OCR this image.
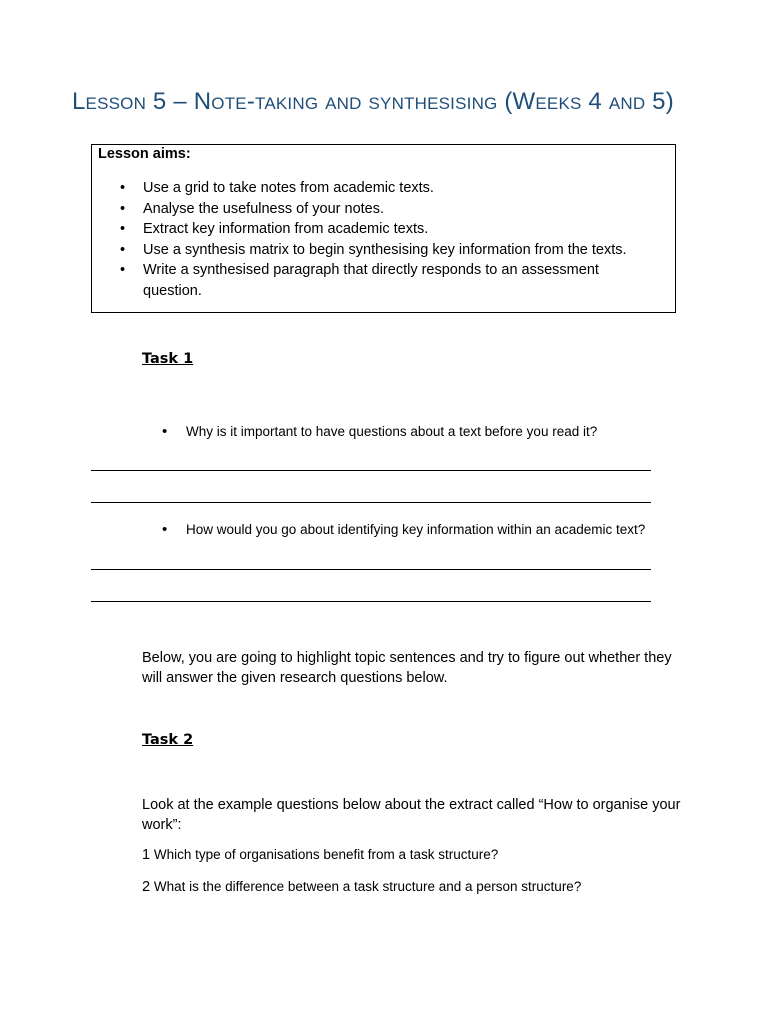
Lesson 5 – Note-taking and synthesising (Weeks 4 and 5)
Lesson aims:
• Use a grid to take notes from academic texts.
• Analyse the usefulness of your notes.
• Extract key information from academic texts.
• Use a synthesis matrix to begin synthesising key information from the texts.
• Write a synthesised paragraph that directly responds to an assessment question.
Task 1
• Why is it important to have questions about a text before you read it?
• How would you go about identifying key information within an academic text?

Below, you are going to highlight topic sentences and try to figure out whether they will answer the given research questions below.

Task 2

Look at the example questions below about the extract called “How to organise your work”:

1 Which type of organisations benefit from a task structure?
2 What is the difference between a task structure and a person structure?
